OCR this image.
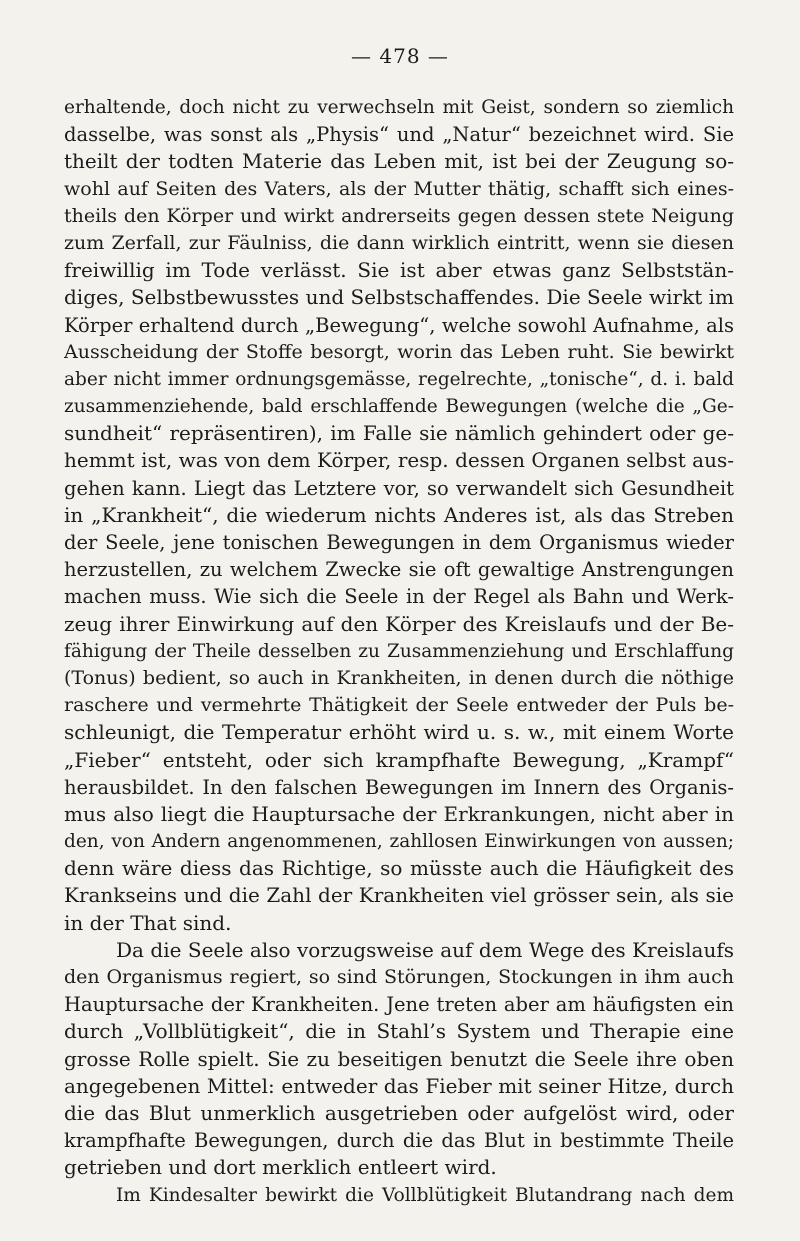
— 478 —
erhaltende, doch nicht zu verwechseln mit Geist, sondern so ziemlich
dasselbe, was sonst als „Physis“ und „Natur“ bezeichnet wird. Sie
theilt der todten Materie das Leben mit, ist bei der Zeugung so-
wohl auf Seiten des Vaters, als der Mutter thätig, schafft sich eines-
theils den Körper und wirkt andrerseits gegen dessen stete Neigung
zum Zerfall, zur Fäulniss, die dann wirklich eintritt, wenn sie diesen
freiwillig im Tode verlässt. Sie ist aber etwas ganz Selbststän-
diges, Selbstbewusstes und Selbstschaffendes. Die Seele wirkt im
Körper erhaltend durch „Bewegung“, welche sowohl Aufnahme, als
Ausscheidung der Stoffe besorgt, worin das Leben ruht. Sie bewirkt
aber nicht immer ordnungsgemässe, regelrechte, „tonische“, d. i. bald
zusammenziehende, bald erschlaffende Bewegungen (welche die „Ge-
sundheit“ repräsentiren), im Falle sie nämlich gehindert oder ge-
hemmt ist, was von dem Körper, resp. dessen Organen selbst aus-
gehen kann. Liegt das Letztere vor, so verwandelt sich Gesundheit
in „Krankheit“, die wiederum nichts Anderes ist, als das Streben
der Seele, jene tonischen Bewegungen in dem Organismus wieder
herzustellen, zu welchem Zwecke sie oft gewaltige Anstrengungen
machen muss. Wie sich die Seele in der Regel als Bahn und Werk-
zeug ihrer Einwirkung auf den Körper des Kreislaufs und der Be-
fähigung der Theile desselben zu Zusammenziehung und Erschlaffung
(Tonus) bedient, so auch in Krankheiten, in denen durch die nöthige
raschere und vermehrte Thätigkeit der Seele entweder der Puls be-
schleunigt, die Temperatur erhöht wird u. s. w., mit einem Worte
„Fieber“ entsteht, oder sich krampfhafte Bewegung, „Krampf“
herausbildet. In den falschen Bewegungen im Innern des Organis-
mus also liegt die Hauptursache der Erkrankungen, nicht aber in
den, von Andern angenommenen, zahllosen Einwirkungen von aussen;
denn wäre diess das Richtige, so müsste auch die Häufigkeit des
Krankseins und die Zahl der Krankheiten viel grösser sein, als sie
in der That sind.
Da die Seele also vorzugsweise auf dem Wege des Kreislaufs
den Organismus regiert, so sind Störungen, Stockungen in ihm auch
Hauptursache der Krankheiten. Jene treten aber am häufigsten ein
durch „Vollblütigkeit“, die in Stahl’s System und Therapie eine
grosse Rolle spielt. Sie zu beseitigen benutzt die Seele ihre oben
angegebenen Mittel: entweder das Fieber mit seiner Hitze, durch
die das Blut unmerklich ausgetrieben oder aufgelöst wird, oder
krampfhafte Bewegungen, durch die das Blut in bestimmte Theile
getrieben und dort merklich entleert wird.
Im Kindesalter bewirkt die Vollblütigkeit Blutandrang nach dem
